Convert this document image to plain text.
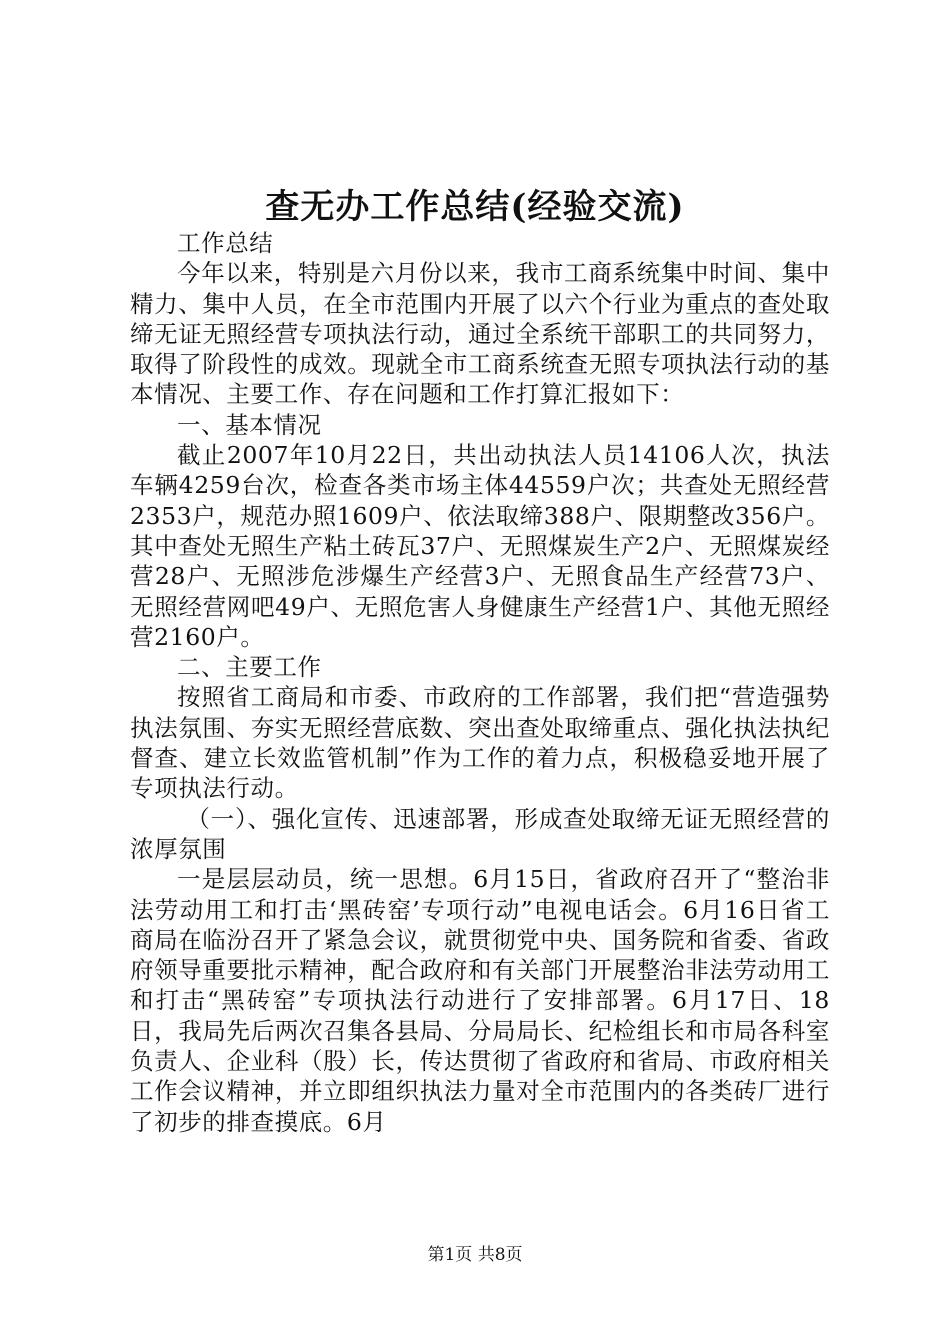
查无办工作总结(经验交流)

工作总结

今年以来，特别是六月份以来，我市工商系统集中时间、集中精力、集中人员，在全市范围内开展了以六个行业为重点的查处取缔无证无照经营专项执法行动，通过全系统干部职工的共同努力，取得了阶段性的成效。现就全市工商系统查无照专项执法行动的基本情况、主要工作、存在问题和工作打算汇报如下：

一、基本情况

截止2007年10月22日，共出动执法人员14106人次，执法车辆4259台次，检查各类市场主体44559户次；共查处无照经营2353户，规范办照1609户、依法取缔388户、限期整改356户。其中查处无照生产粘土砖瓦37户、无照煤炭生产2户、无照煤炭经营28户、无照涉危涉爆生产经营3户、无照食品生产经营73户、无照经营网吧49户、无照危害人身健康生产经营1户、其他无照经营2160户。

二、主要工作

按照省工商局和市委、市政府的工作部署，我们把“营造强势执法氛围、夯实无照经营底数、突出查处取缔重点、强化执法执纪督查、建立长效监管机制”作为工作的着力点，积极稳妥地开展了专项执法行动。

（一）、强化宣传、迅速部署，形成查处取缔无证无照经营的浓厚氛围

一是层层动员，统一思想。6月15日，省政府召开了“整治非法劳动用工和打击‘黑砖窑’专项行动”电视电话会。6月16日省工商局在临汾召开了紧急会议，就贯彻党中央、国务院和省委、省政府领导重要批示精神，配合政府和有关部门开展整治非法劳动用工和打击“黑砖窑”专项执法行动进行了安排部署。6月17日、18日，我局先后两次召集各县局、分局局长、纪检组长和市局各科室负责人、企业科（股）长，传达贯彻了省政府和省局、市政府相关工作会议精神，并立即组织执法力量对全市范围内的各类砖厂进行了初步的排查摸底。6月

第1页 共8页
